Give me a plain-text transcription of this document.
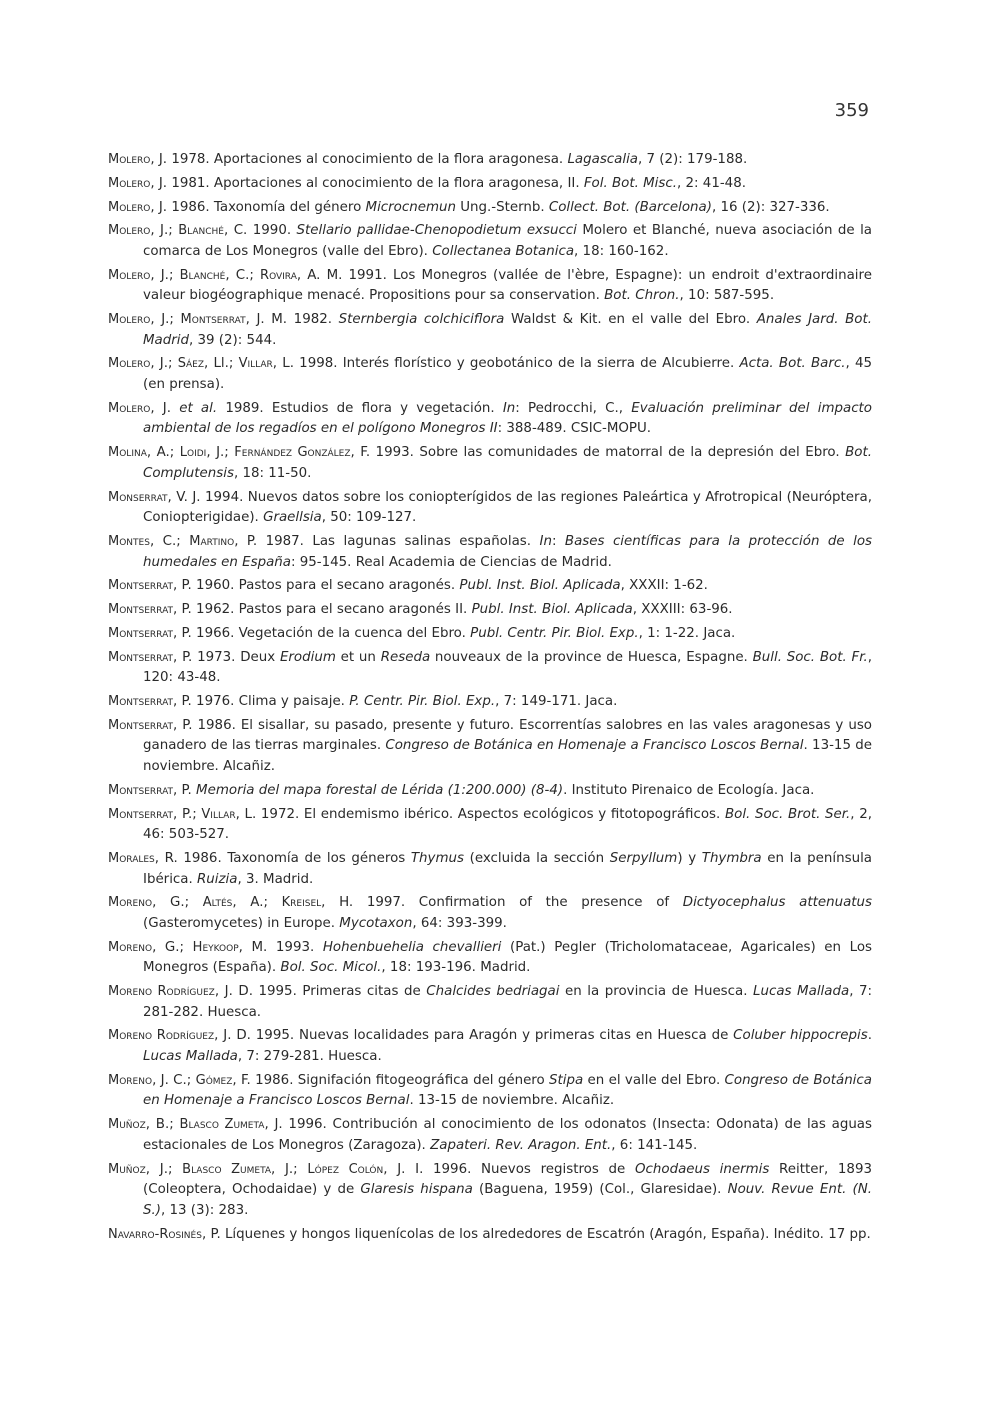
359
Molero, J. 1978. Aportaciones al conocimiento de la flora aragonesa. Lagascalia, 7 (2): 179-188.
Molero, J. 1981. Aportaciones al conocimiento de la flora aragonesa, II. Fol. Bot. Misc., 2: 41-48.
Molero, J. 1986. Taxonomía del género Microcnemun Ung.-Sternb. Collect. Bot. (Barcelona), 16 (2): 327-336.
Molero, J.; Blanché, C. 1990. Stellario pallidae-Chenopodietum exsucci Molero et Blanché, nueva asociación de la comarca de Los Monegros (valle del Ebro). Collectanea Botanica, 18: 160-162.
Molero, J.; Blanché, C.; Rovira, A. M. 1991. Los Monegros (vallée de l'èbre, Espagne): un endroit d'extraordinaire valeur biogéographique menacé. Propositions pour sa conservation. Bot. Chron., 10: 587-595.
Molero, J.; Montserrat, J. M. 1982. Sternbergia colchiciflora Waldst & Kit. en el valle del Ebro. Anales Jard. Bot. Madrid, 39 (2): 544.
Molero, J.; Sáez, Ll.; Villar, L. 1998. Interés florístico y geobotánico de la sierra de Alcubierre. Acta. Bot. Barc., 45 (en prensa).
Molero, J. et al. 1989. Estudios de flora y vegetación. In: Pedrocchi, C., Evaluación preliminar del impacto ambiental de los regadíos en el polígono Monegros II: 388-489. CSIC-MOPU.
Molina, A.; Loidi, J.; Fernández González, F. 1993. Sobre las comunidades de matorral de la depresión del Ebro. Bot. Complutensis, 18: 11-50.
Monserrat, V. J. 1994. Nuevos datos sobre los coniopterígidos de las regiones Paleártica y Afrotropical (Neuróptera, Coniopterigidae). Graellsia, 50: 109-127.
Montes, C.; Martino, P. 1987. Las lagunas salinas españolas. In: Bases científicas para la protección de los humedales en España: 95-145. Real Academia de Ciencias de Madrid.
Montserrat, P. 1960. Pastos para el secano aragonés. Publ. Inst. Biol. Aplicada, XXXII: 1-62.
Montserrat, P. 1962. Pastos para el secano aragonés II. Publ. Inst. Biol. Aplicada, XXXIII: 63-96.
Montserrat, P. 1966. Vegetación de la cuenca del Ebro. Publ. Centr. Pir. Biol. Exp., 1: 1-22. Jaca.
Montserrat, P. 1973. Deux Erodium et un Reseda nouveaux de la province de Huesca, Espagne. Bull. Soc. Bot. Fr., 120: 43-48.
Montserrat, P. 1976. Clima y paisaje. P. Centr. Pir. Biol. Exp., 7: 149-171. Jaca.
Montserrat, P. 1986. El sisallar, su pasado, presente y futuro. Escorrentías salobres en las vales aragonesas y uso ganadero de las tierras marginales. Congreso de Botánica en Homenaje a Francisco Loscos Bernal. 13-15 de noviembre. Alcañiz.
Montserrat, P. Memoria del mapa forestal de Lérida (1:200.000) (8-4). Instituto Pirenaico de Ecología. Jaca.
Montserrat, P.; Villar, L. 1972. El endemismo ibérico. Aspectos ecológicos y fitotopográficos. Bol. Soc. Brot. Ser., 2, 46: 503-527.
Morales, R. 1986. Taxonomía de los géneros Thymus (excluida la sección Serpyllum) y Thymbra en la península Ibérica. Ruizia, 3. Madrid.
Moreno, G.; Altés, A.; Kreisel, H. 1997. Confirmation of the presence of Dictyocephalus attenuatus (Gasteromycetes) in Europe. Mycotaxon, 64: 393-399.
Moreno, G.; Heykoop, M. 1993. Hohenbuehelia chevallieri (Pat.) Pegler (Tricholomataceae, Agaricales) en Los Monegros (España). Bol. Soc. Micol., 18: 193-196. Madrid.
Moreno Rodríguez, J. D. 1995. Primeras citas de Chalcides bedriagai en la provincia de Huesca. Lucas Mallada, 7: 281-282. Huesca.
Moreno Rodríguez, J. D. 1995. Nuevas localidades para Aragón y primeras citas en Huesca de Coluber hippocrepis. Lucas Mallada, 7: 279-281. Huesca.
Moreno, J. C.; Gómez, F. 1986. Signifación fitogeográfica del género Stipa en el valle del Ebro. Congreso de Botánica en Homenaje a Francisco Loscos Bernal. 13-15 de noviembre. Alcañiz.
Muñoz, B.; Blasco Zumeta, J. 1996. Contribución al conocimiento de los odonatos (Insecta: Odonata) de las aguas estacionales de Los Monegros (Zaragoza). Zapateri. Rev. Aragon. Ent., 6: 141-145.
Muñoz, J.; Blasco Zumeta, J.; López Colón, J. I. 1996. Nuevos registros de Ochodaeus inermis Reitter, 1893 (Coleoptera, Ochodaidae) y de Glaresis hispana (Baguena, 1959) (Col., Glaresidae). Nouv. Revue Ent. (N. S.), 13 (3): 283.
Navarro-Rosinés, P. Líquenes y hongos liquenícolas de los alrededores de Escatrón (Aragón, España). Inédito. 17 pp.
